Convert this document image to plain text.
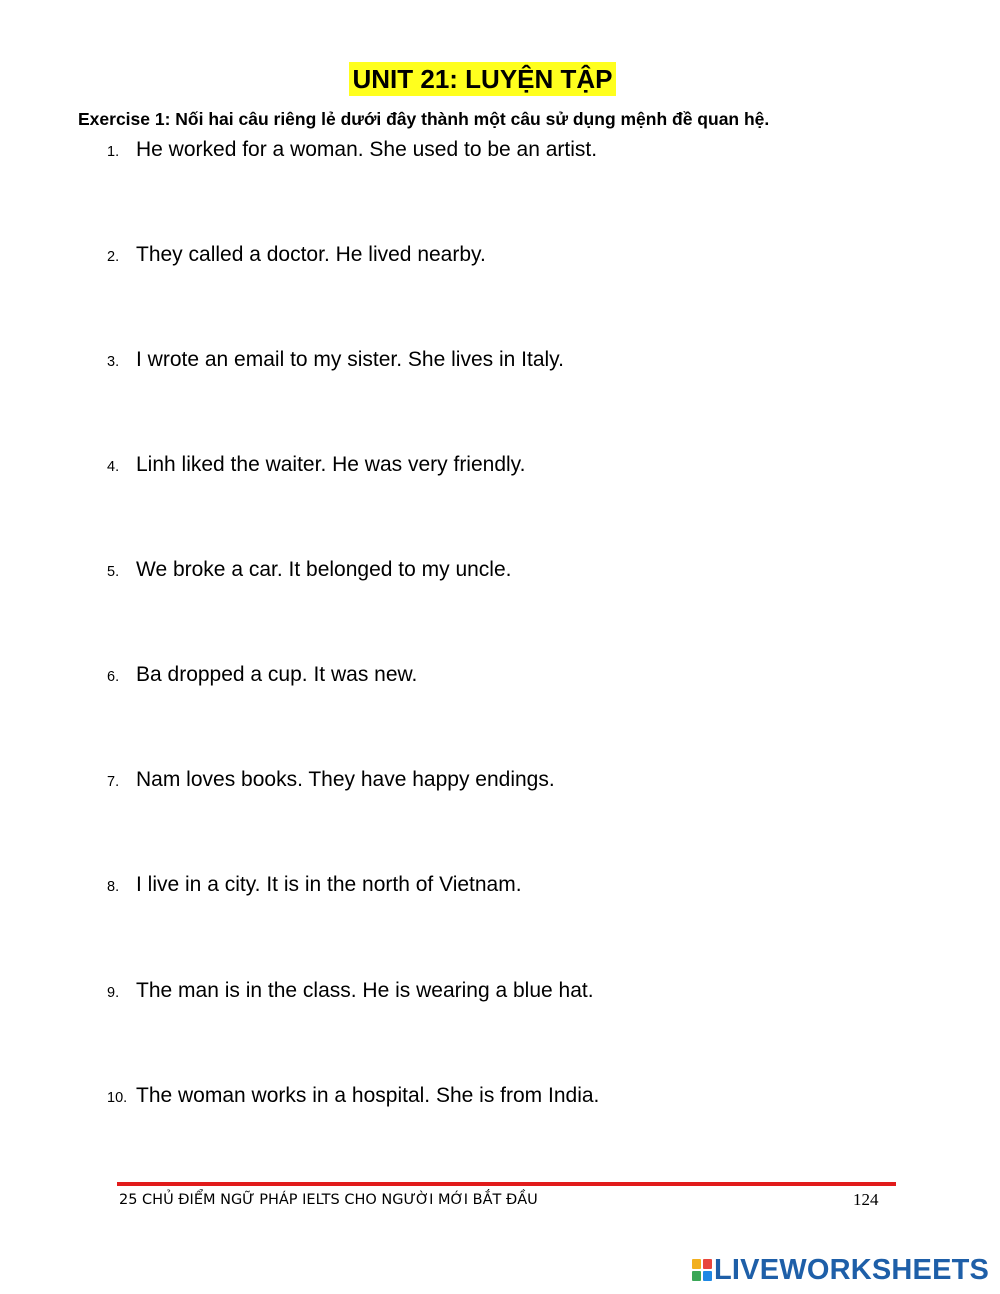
UNIT 21: LUYỆN TẬP
Exercise 1: Nối hai câu riêng lẻ dưới đây thành một câu sử dụng mệnh đề quan hệ.
1. He worked for a woman. She used to be an artist.
2. They called a doctor. He lived nearby.
3. I wrote an email to my sister. She lives in Italy.
4. Linh liked the waiter. He was very friendly.
5. We broke a car. It belonged to my uncle.
6. Ba dropped a cup. It was new.
7. Nam loves books. They have happy endings.
8. I live in a city. It is in the north of Vietnam.
9. The man is in the class. He is wearing a blue hat.
10. The woman works in a hospital. She is from India.
25 CHỦ ĐIỂM NGỮ PHÁP IELTS CHO NGƯỜI MỚI BẮT ĐẦU	124
LIVEWORKSHEETS
